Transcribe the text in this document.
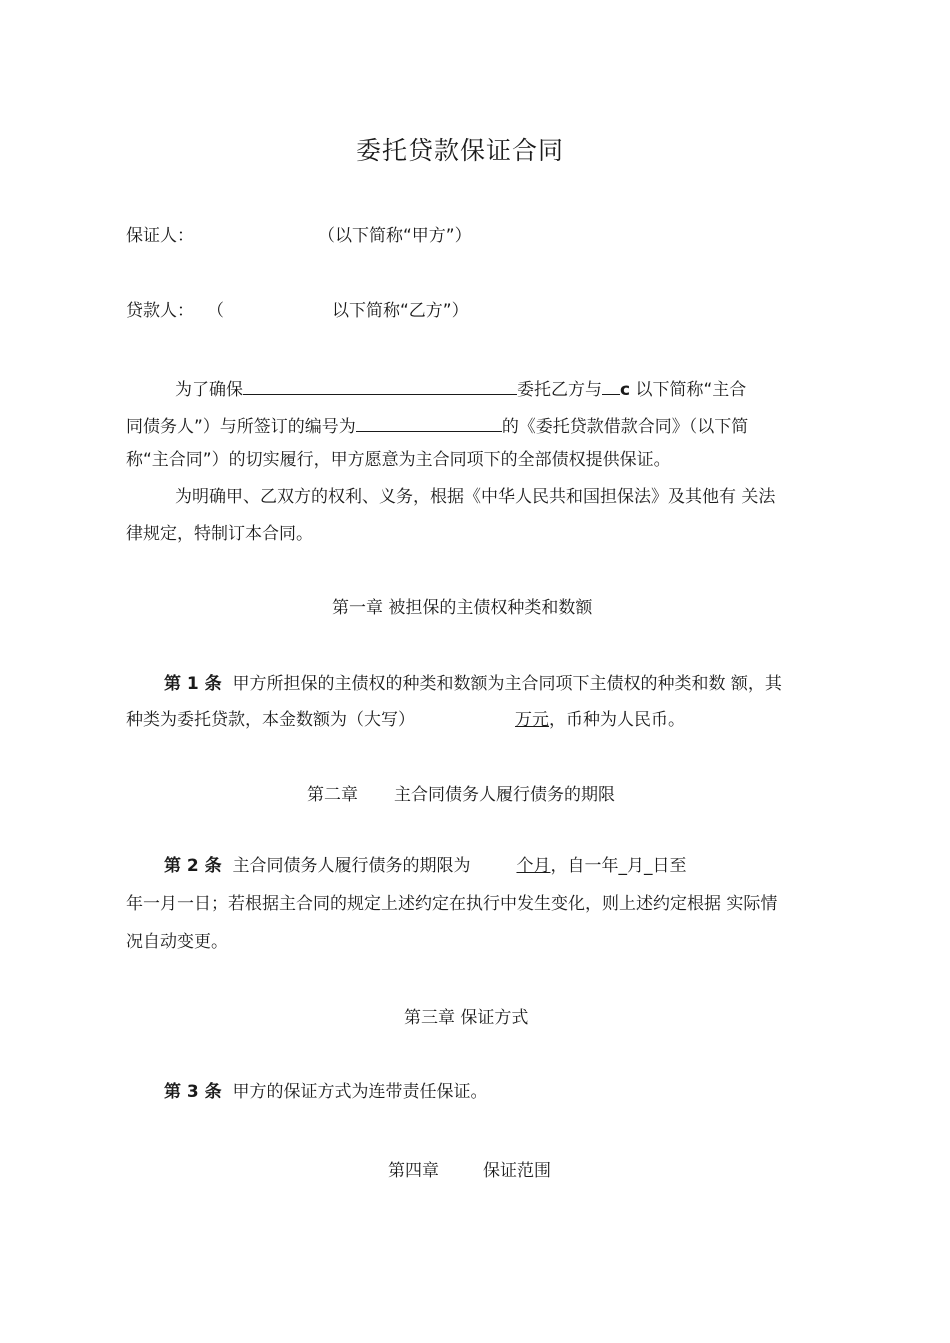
委托贷款保证合同
保证人：	（以下简称“甲方”）
贷款人： （	以下简称“乙方”）
为了确保	委托乙方与 c 以下简称“主合
同债务人”）与所签订的编号为	的《委托贷款借款合同》（以下简
称“主合同”）的切实履行，甲方愿意为主合同项下的全部债权提供保证。
为明确甲、乙双方的权利、义务，根据《中华人民共和国担保法》及其他有 关法
律规定，特制订本合同。
第一章 被担保的主债权种类和数额
第 1 条 甲方所担保的主债权的种类和数额为主合同项下主债权的种类和数 额，其
种类为委托贷款，本金数额为（大写）	万元，币种为人民币。
第二章 主合同债务人履行债务的期限
第 2 条 主合同债务人履行债务的期限为	个月，自一年_月_日至
年一月一日；若根据主合同的规定上述约定在执行中发生变化，则上述约定根据 实际情
况自动变更。
第三章 保证方式
第 3 条 甲方的保证方式为连带责任保证。
第四章	保证范围
